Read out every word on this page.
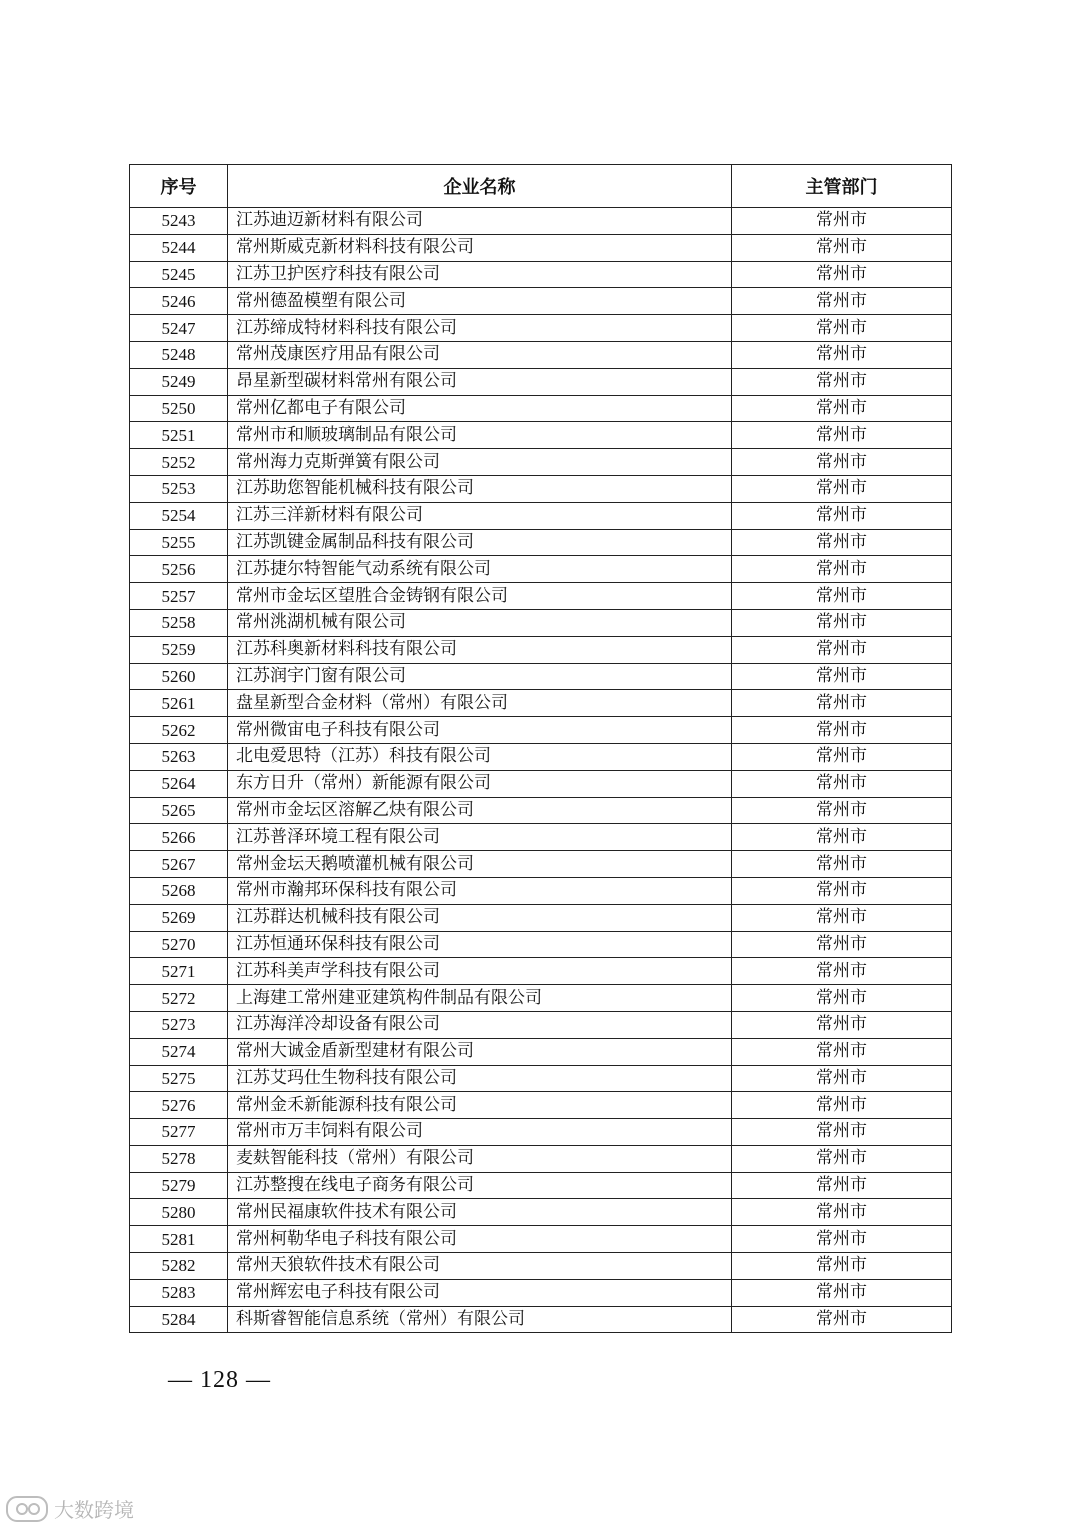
序号	企业名称	主管部门
5243	江苏迪迈新材料有限公司	常州市
5244	常州斯威克新材料科技有限公司	常州市
5245	江苏卫护医疗科技有限公司	常州市
5246	常州德盈模塑有限公司	常州市
5247	江苏缔成特材料科技有限公司	常州市
5248	常州茂康医疗用品有限公司	常州市
5249	昂星新型碳材料常州有限公司	常州市
5250	常州亿都电子有限公司	常州市
5251	常州市和顺玻璃制品有限公司	常州市
5252	常州海力克斯弹簧有限公司	常州市
5253	江苏助您智能机械科技有限公司	常州市
5254	江苏三洋新材料有限公司	常州市
5255	江苏凯键金属制品科技有限公司	常州市
5256	江苏捷尔特智能气动系统有限公司	常州市
5257	常州市金坛区望胜合金铸钢有限公司	常州市
5258	常州洮湖机械有限公司	常州市
5259	江苏科奥新材料科技有限公司	常州市
5260	江苏润宇门窗有限公司	常州市
5261	盘星新型合金材料（常州）有限公司	常州市
5262	常州微宙电子科技有限公司	常州市
5263	北电爱思特（江苏）科技有限公司	常州市
5264	东方日升（常州）新能源有限公司	常州市
5265	常州市金坛区溶解乙炔有限公司	常州市
5266	江苏普泽环境工程有限公司	常州市
5267	常州金坛天鹅喷灌机械有限公司	常州市
5268	常州市瀚邦环保科技有限公司	常州市
5269	江苏群达机械科技有限公司	常州市
5270	江苏恒通环保科技有限公司	常州市
5271	江苏科美声学科技有限公司	常州市
5272	上海建工常州建亚建筑构件制品有限公司	常州市
5273	江苏海洋冷却设备有限公司	常州市
5274	常州大诚金盾新型建材有限公司	常州市
5275	江苏艾玛仕生物科技有限公司	常州市
5276	常州金禾新能源科技有限公司	常州市
5277	常州市万丰饲料有限公司	常州市
5278	麦麸智能科技（常州）有限公司	常州市
5279	江苏整搜在线电子商务有限公司	常州市
5280	常州民福康软件技术有限公司	常州市
5281	常州柯勒华电子科技有限公司	常州市
5282	常州天狼软件技术有限公司	常州市
5283	常州辉宏电子科技有限公司	常州市
5284	科斯睿智能信息系统（常州）有限公司	常州市
— 128 —
大数跨境
